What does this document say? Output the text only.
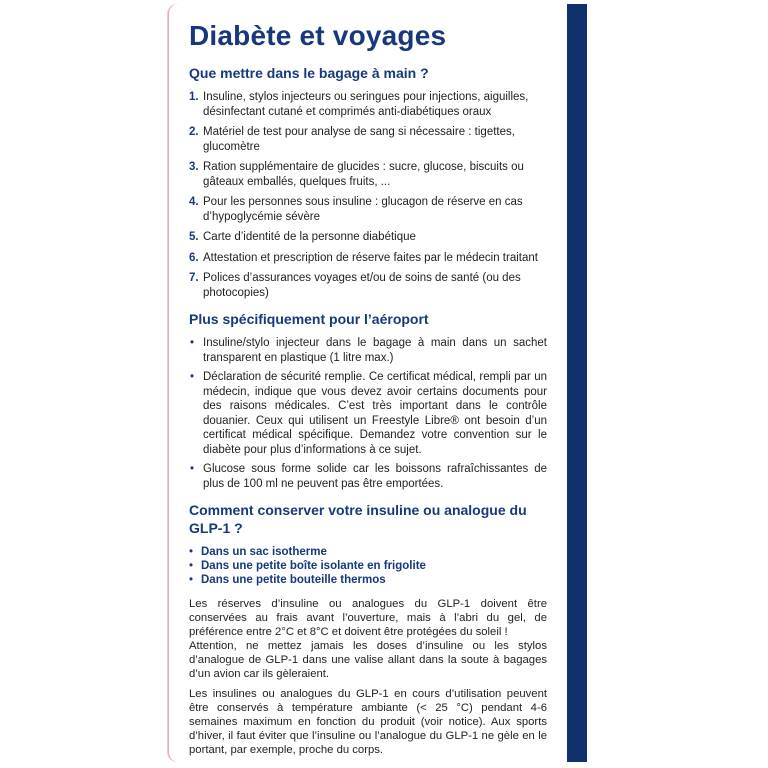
Diabète et voyages
Que mettre dans le bagage à main ?
1. Insuline, stylos injecteurs ou seringues pour injections, aiguilles, désinfectant cutané et comprimés anti-diabétiques oraux
2. Matériel de test pour analyse de sang si nécessaire : tigettes, glucomètre
3. Ration supplémentaire de glucides : sucre, glucose, biscuits ou gâteaux emballés, quelques fruits, ...
4. Pour les personnes sous insuline : glucagon de réserve en cas d’hypoglycémie sévère
5. Carte d’identité de la personne diabétique
6. Attestation et prescription de réserve faites par le médecin traitant
7. Polices d’assurances voyages et/ou de soins de santé (ou des photocopies)
Plus spécifiquement pour l’aéroport
• Insuline/stylo injecteur dans le bagage à main dans un sachet transparent en plastique (1 litre max.)
• Déclaration de sécurité remplie. Ce certificat médical, rempli par un médecin, indique que vous devez avoir certains documents pour des raisons médicales. C’est très important dans le contrôle douanier. Ceux qui utilisent un Freestyle Libre® ont besoin d’un certificat médical spécifique. Demandez votre convention sur le diabète pour plus d’informations à ce sujet.
• Glucose sous forme solide car les boissons rafraîchissantes de plus de 100 ml ne peuvent pas être emportées.
Comment conserver votre insuline ou analogue du GLP-1 ?
• Dans un sac isotherme
• Dans une petite boîte isolante en frigolite
• Dans une petite bouteille thermos

Les réserves d’insuline ou analogues du GLP-1 doivent être conservées au frais avant l’ouverture, mais à l’abri du gel, de préférence entre 2°C et 8°C et doivent être protégées du soleil !

Attention, ne mettez jamais les doses d’insuline ou les stylos d’analogue de GLP-1 dans une valise allant dans la soute à bagages d’un avion car ils gèleraient.

Les insulines ou analogues du GLP-1 en cours d’utilisation peuvent être conservés à température ambiante (< 25 °C) pendant 4-6 semaines maximum en fonction du produit (voir notice). Aux sports d’hiver, il faut éviter que l’insuline ou l’analogue du GLP-1 ne gèle en le portant, par exemple, proche du corps.
